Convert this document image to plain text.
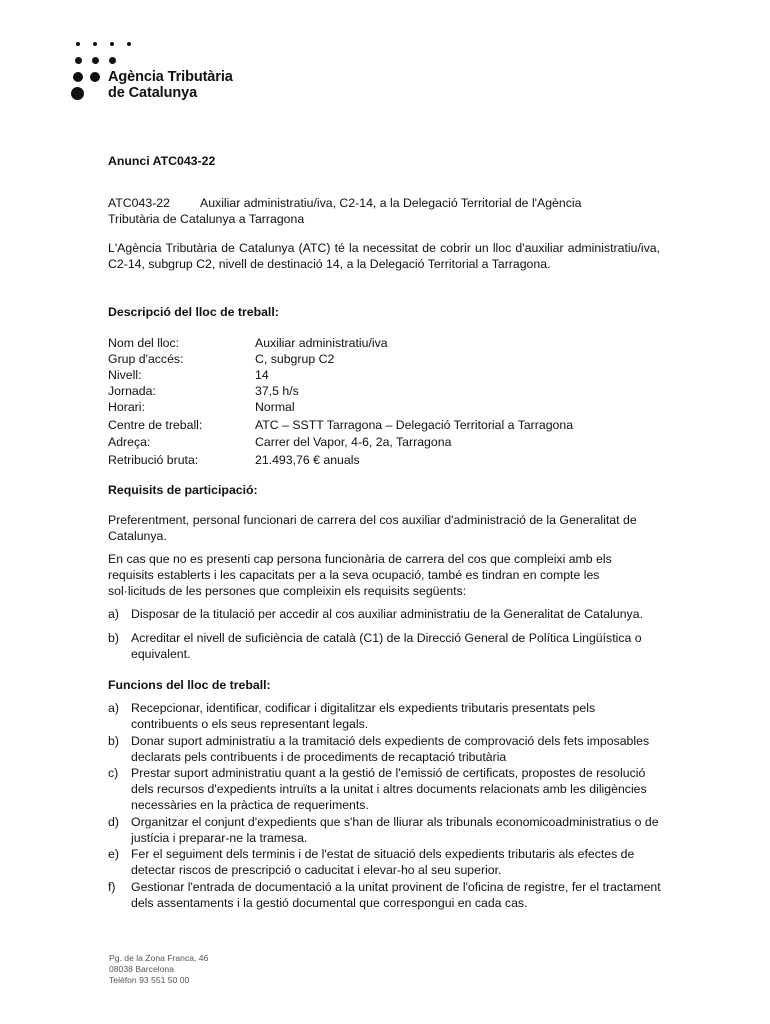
Agència Tributària
de Catalunya
Anunci ATC043-22
ATC043-22 Auxiliar administratiu/iva, C2-14, a la Delegació Territorial de l'Agència
Tributària de Catalunya a Tarragona
L'Agència Tributària de Catalunya (ATC) té la necessitat de cobrir un lloc d'auxiliar administratiu/iva, C2-14, subgrup C2, nivell de destinació 14, a la Delegació Territorial a Tarragona.
Descripció del lloc de treball:
Nom del lloc:	Auxiliar administratiu/iva
Grup d'accés:	C, subgrup C2
Nivell:	14
Jornada:	37,5 h/s
Horari:	Normal
Centre de treball:	ATC – SSTT Tarragona – Delegació Territorial a Tarragona
Adreça:	Carrer del Vapor, 4-6, 2a, Tarragona
Retribució bruta:	21.493,76 € anuals
Requisits de participació:
Preferentment, personal funcionari de carrera del cos auxiliar d'administració de la Generalitat de Catalunya.
En cas que no es presenti cap persona funcionària de carrera del cos que compleixi amb els requisits establerts i les capacitats per a la seva ocupació, també es tindran en compte les sol·licituds de les persones que compleixin els requisits següents:
a) Disposar de la titulació per accedir al cos auxiliar administratiu de la Generalitat de Catalunya.
b) Acreditar el nivell de suficiència de català (C1) de la Direcció General de Política Lingüística o equivalent.
Funcions del lloc de treball:
a) Recepcionar, identificar, codificar i digitalitzar els expedients tributaris presentats pels contribuents o els seus representant legals.
b) Donar suport administratiu a la tramitació dels expedients de comprovació dels fets imposables declarats pels contribuents i de procediments de recaptació tributària
c) Prestar suport administratiu quant a la gestió de l'emissió de certificats, propostes de resolució dels recursos d'expedients intruïts a la unitat i altres documents relacionats amb les diligències necessàries en la pràctica de requeriments.
d) Organitzar el conjunt d'expedients que s'han de lliurar als tribunals economicoadministratius o de justícia i preparar-ne la tramesa.
e) Fer el seguiment dels terminis i de l'estat de situació dels expedients tributaris als efectes de detectar riscos de prescripció o caducitat i elevar-ho al seu superior.
f) Gestionar l'entrada de documentació a la unitat provinent de l'oficina de registre, fer el tractament dels assentaments i la gestió documental que correspongui en cada cas.
Pg. de la Zona Franca, 46
08038 Barcelona
Telèfon 93 551 50 00
